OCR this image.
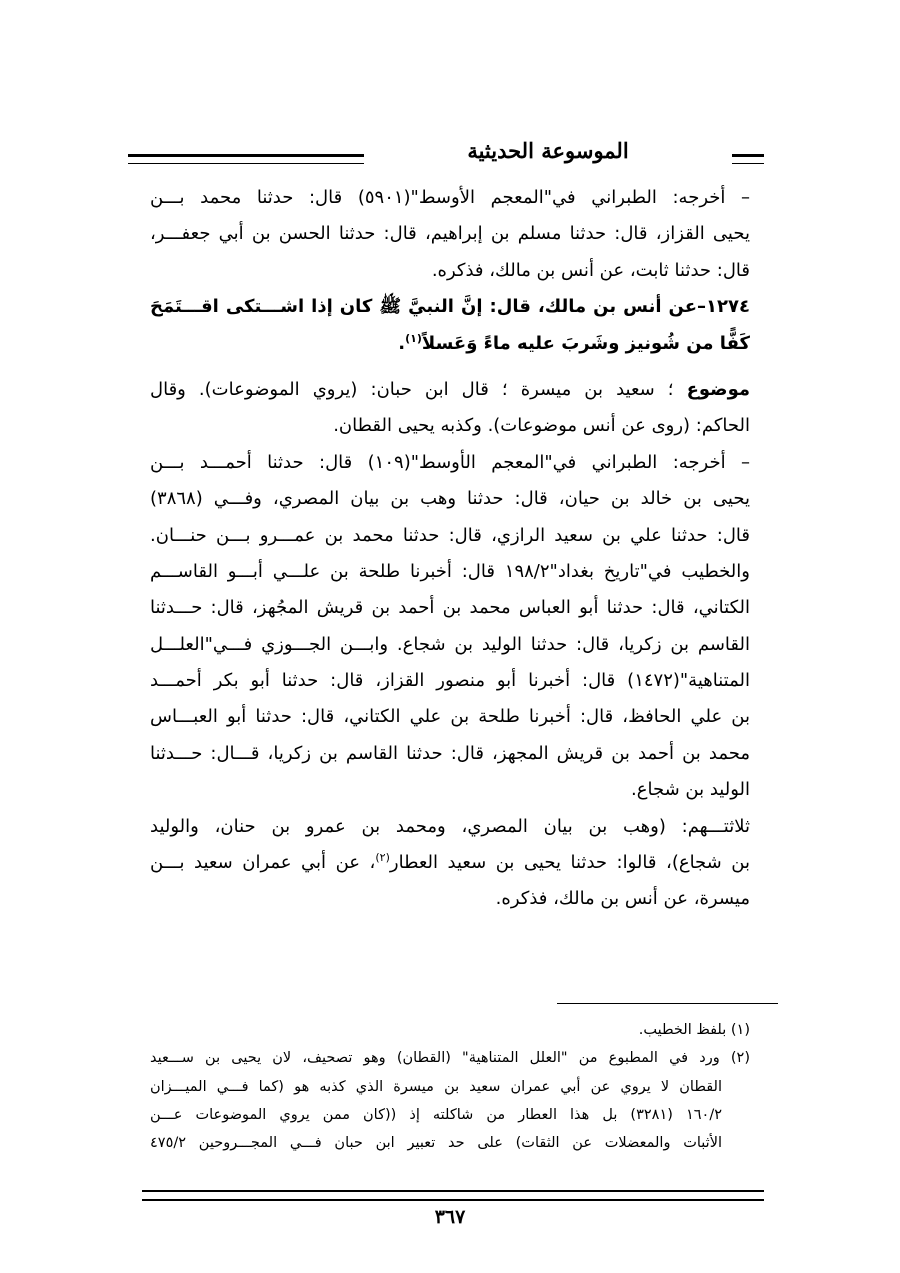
الموسوعة الحديثية
– أخرجه: الطبراني في"المعجم الأوسط"(٥٩٠١) قال: حدثنا محمد بـــن
يحيى القزاز، قال: حدثنا مسلم بن إبراهيم، قال: حدثنا الحسن بن أبي جعفـــر،
قال: حدثنا ثابت، عن أنس بن مالك، فذكره.
١٢٧٤–عن أنس بن مالك، قال: إنَّ النبيَّ ﷺ كان إذا اشـــتكى اقـــتَمَحَ
كَفًّا من شُونيز وشَربَ عليه ماءً وَعَسلاً$^{(١)}$.
موضوع ؛ سعيد بن ميسرة ؛ قال ابن حبان: (يروي الموضوعات). وقال
الحاكم: (روى عن أنس موضوعات). وكذبه يحيى القطان.
– أخرجه: الطبراني في"المعجم الأوسط"(١٠٩) قال: حدثنا أحمـــد بـــن
يحيى بن خالد بن حيان، قال: حدثنا وهب بن بيان المصري، وفـــي (٣٨٦٨)
قال: حدثنا علي بن سعيد الرازي، قال: حدثنا محمد بن عمـــرو بـــن حنـــان.
والخطيب في"تاريخ بغداد"١٩٨/٢ قال: أخبرنا طلحة بن علـــي أبـــو القاســـم
الكتاني، قال: حدثنا أبو العباس محمد بن أحمد بن قريش المجُهز، قال: حـــدثنا
القاسم بن زكريا، قال: حدثنا الوليد بن شجاع. وابـــن الجـــوزي فـــي"العلـــل
المتناهية"(١٤٧٢) قال: أخبرنا أبو منصور القزاز، قال: حدثنا أبو بكر أحمـــد
بن علي الحافظ، قال: أخبرنا طلحة بن علي الكتاني، قال: حدثنا أبو العبـــاس
محمد بن أحمد بن قريش المجهز، قال: حدثنا القاسم بن زكريا، قـــال: حـــدثنا
الوليد بن شجاع.
ثلاثتـــهم: (وهب بن بيان المصري، ومحمد بن عمرو بن حنان، والوليد
بن شجاع)، قالوا: حدثنا يحيى بن سعيد العطار$^{(٢)}$، عن أبي عمران سعيد بـــن
ميسرة، عن أنس بن مالك، فذكره.
(١) بلفظ الخطيب.
(٢) ورد في المطبوع من "العلل المتناهية" (القطان) وهو تصحيف، لان يحيى بن ســـعيد
القطان لا يروي عن أبي عمران سعيد بن ميسرة الذي كذبه هو (كما فـــي الميـــزان
١٦٠/٢ (٣٢٨١) بل هذا العطار من شاكلته إذ ((كان ممن يروي الموضوعات عـــن
الأثبات والمعضلات عن الثقات) على حد تعبير ابن حبان فـــي المجـــروحين ٤٧٥/٢
٣٦٧
